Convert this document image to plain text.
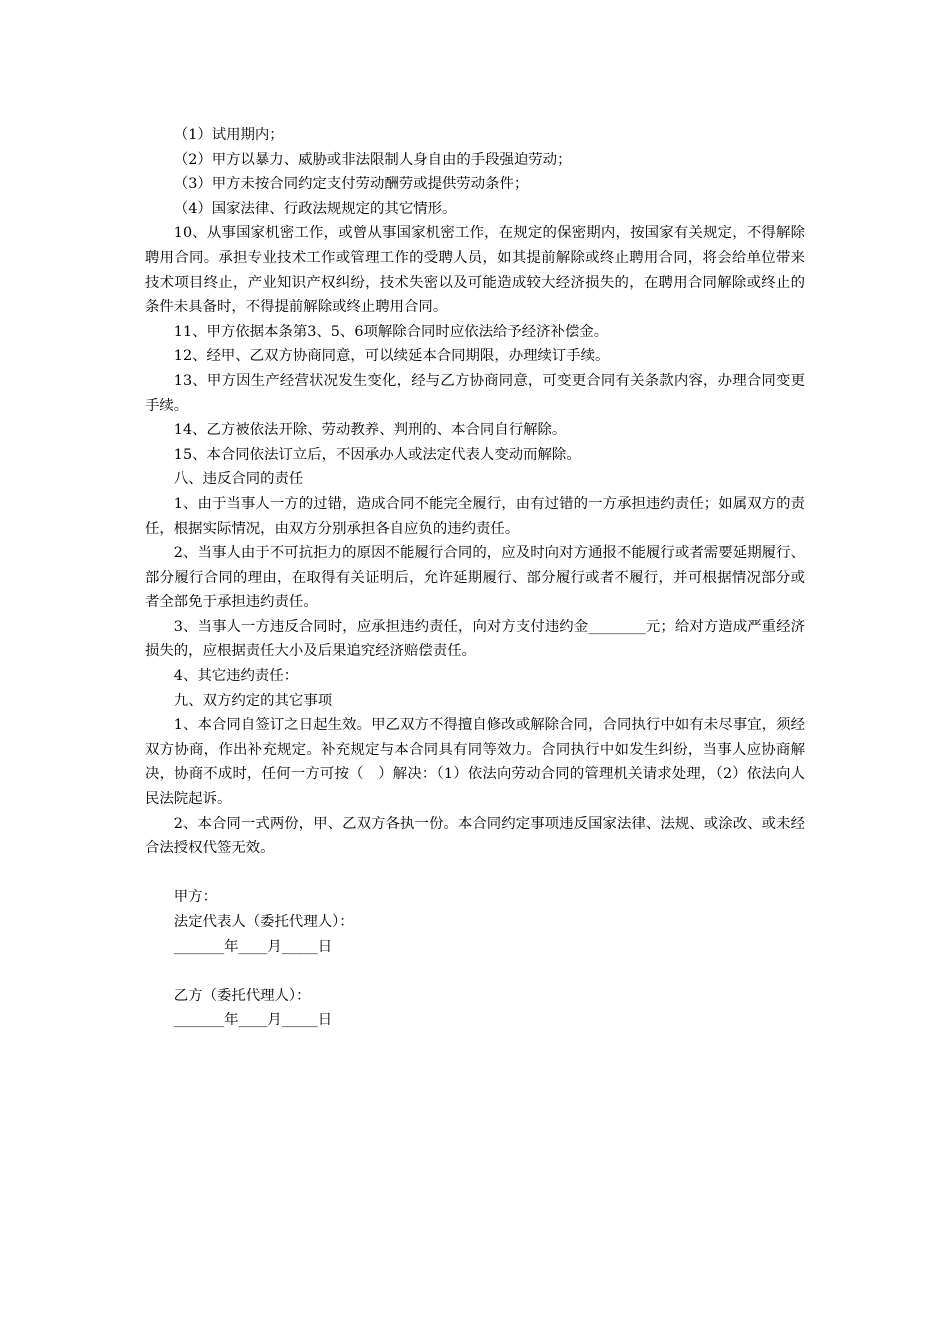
（1）试用期内；

（2）甲方以暴力、威胁或非法限制人身自由的手段强迫劳动；

（3）甲方未按合同约定支付劳动酬劳或提供劳动条件；

（4）国家法律、行政法规规定的其它情形。

10、从事国家机密工作，或曾从事国家机密工作，在规定的保密期内，按国家有关规定，不得解除聘用合同。承担专业技术工作或管理工作的受聘人员，如其提前解除或终止聘用合同，将会给单位带来技术项目终止，产业知识产权纠纷，技术失密以及可能造成较大经济损失的，在聘用合同解除或终止的条件未具备时，不得提前解除或终止聘用合同。

11、甲方依据本条第3、5、6项解除合同时应依法给予经济补偿金。

12、经甲、乙双方协商同意，可以续延本合同期限，办理续订手续。

13、甲方因生产经营状况发生变化，经与乙方协商同意，可变更合同有关条款内容，办理合同变更手续。

14、乙方被依法开除、劳动教养、判刑的、本合同自行解除。

15、本合同依法订立后，不因承办人或法定代表人变动而解除。

八、违反合同的责任

1、由于当事人一方的过错，造成合同不能完全履行，由有过错的一方承担违约责任；如属双方的责任，根据实际情况，由双方分别承担各自应负的违约责任。

2、当事人由于不可抗拒力的原因不能履行合同的，应及时向对方通报不能履行或者需要延期履行、部分履行合同的理由，在取得有关证明后，允许延期履行、部分履行或者不履行，并可根据情况部分或者全部免于承担违约责任。

3、当事人一方违反合同时，应承担违约责任，向对方支付违约金________元；给对方造成严重经济损失的，应根据责任大小及后果追究经济赔偿责任。

4、其它违约责任：

九、双方约定的其它事项

1、本合同自签订之日起生效。甲乙双方不得擅自修改或解除合同，合同执行中如有未尽事宜，须经双方协商，作出补充规定。补充规定与本合同具有同等效力。合同执行中如发生纠纷，当事人应协商解决，协商不成时，任何一方可按（　）解决：（1）依法向劳动合同的管理机关请求处理，（2）依法向人民法院起诉。

2、本合同一式两份，甲、乙双方各执一份。本合同约定事项违反国家法律、法规、或涂改、或未经合法授权代签无效。

甲方：

法定代表人（委托代理人）：

_______年____月_____日

乙方（委托代理人）：

_______年____月_____日
